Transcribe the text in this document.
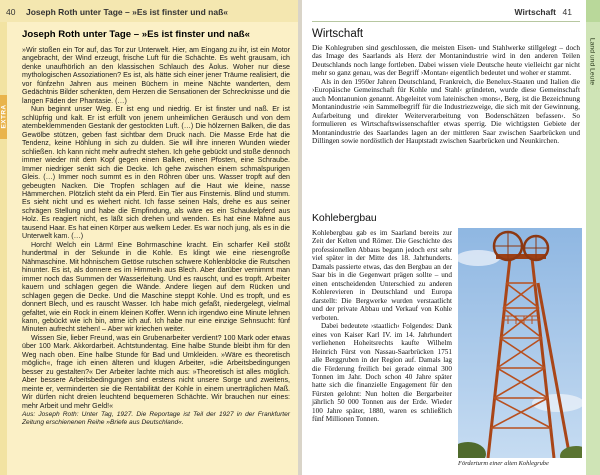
40 Joseph Roth unter Tage – »Es ist finster und naß«
EXTRA
Joseph Roth unter Tage – »Es ist finster und naß«

»Wir stoßen ein Tor auf, das Tor zur Unterwelt. Hier, am Eingang zu ihr, ist ein Motor angebracht, der Wind erzeugt, frische Luft für die Schächte. Es weht grausam, ich denke unaufhörlich an den klassischen Schlauch des Äolus. Woher nur diese mythologischen Assoziationen? Es ist, als hätte sich einer jener Träume realisiert, die vor fünfzehn Jahren aus meinen Büchern in meine Nächte wanderten, dem Gedächtnis Bilder schenkten, dem Herzen die Sensationen der Schrecknisse und die langen Fäden der Phantasie. (…)

Nun beginnt unser Weg. Er ist eng und niedrig. Er ist finster und naß. Er ist schlüpfrig und kalt. Er ist erfüllt von jenem unheimlichen Geräusch und von dem atembeklemmenden Gestank der gestockten Luft. (…) Die hölzernen Balken, die das Gewölbe stützen, geben fast sichtbar dem Druck nach. Die Masse Erde hat die Tendenz, keine Höhlung in sich zu dulden. Sie will ihre inneren Wunden wieder schließen. Ich kann nicht mehr aufrecht stehen. Ich gehe gebückt und stoße dennoch immer wieder mit dem Kopf gegen einen Balken, einen Pfosten, eine Schraube. Immer niedriger senkt sich die Decke. Ich gehe zwischen einem schmalspurigen Gleis. (…) Immer noch summt es in den Röhren über uns. Wasser tropft auf den gebeugten Nacken. Die Tropfen schlagen auf die Haut wie kleine, nasse Hämmerchen. Plötzlich steht da ein Pferd. Ein Tier aus Finsternis. Blind und stumm. Es sieht nicht und es wiehert nicht. Ich fasse seinen Hals, drehe es aus seiner schrägen Stellung und habe die Empfindung, als wäre es ein Schaukelpferd aus Holz. Es reagiert nicht, es läßt sich drehen und wenden. Es hat eine Mähne aus tausend Haar. Es hat einen Körper aus welkem Leder. Es war noch jung, als es in die Unterwelt kam. (…)

Horch! Welch ein Lärm! Eine Bohrmaschine kracht. Ein scharfer Keil stößt hundertmal in der Sekunde in die Kohle. Es klingt wie eine riesengroße Nähmaschine. Mit höhnischem Getöse rutschen schwere Kohlenblöcke die Rutschen hinunter. Es ist, als donnere es im Himmeln aus Blech. Aber darüber vernimmt man immer noch das Summen der Wasserleitung. Und es rauscht, und es tropft. Arbeiter kauern und schlagen gegen die Wände. Andere liegen auf dem Rücken und schlagen gegen die Decke. Und die Maschine steppt Kohle. Und es tropft, und es donnert Blech, und es rauscht Wasser. Ich habe mich gefaßt, niedergelegt, vielmal gefaltet, wie ein Rock in einem kleinen Koffer. Wenn ich irgendwo eine Minute lehnen kann, gebückt wie ich bin, atme ich auf. Ich habe nur eine einzige Sehnsucht: fünf Minuten aufrecht stehen! – Aber wir kriechen weiter.

Wissen Sie, lieber Freund, was ein Grubenarbeiter verdient? 100 Mark oder etwas über 100 Mark. Akkordarbeit. Achtstundentag. Eine halbe Stunde bleibt ihm für den Weg nach oben. Eine halbe Stunde für Bad und Umkleiden. »Wäre es theoretisch möglich«, frage ich einen älteren und klugen Arbeiter, »die Arbeitsbedingungen besser zu gestalten?« Der Arbeiter lachte mich aus: »Theoretisch ist alles möglich. Aber bessere Arbeitsbedingungen sind erstens nicht unsere Sorge und zweitens, meinte er, verminderten sie die Rentabilität der Kohle in einem unerträglichen Maß. Wir dürfen nicht dreien leuchtend bequemeren Schächte. Wir brauchen nur eines: mehr Arbeit und mehr Geld!«

Aus: Joseph Roth: Unter Tag, 1927. Die Reportage ist Teil der 1927 in der Frankfurter Zeitung erschienenen Reihe »Briefe aus Deutschland«.

Wirtschaft 41
Land und Leute
Wirtschaft

Die Kohlegruben sind geschlossen, die meisten Eisen- und Stahlwerke stillgelegt – doch das Image des Saarlands als Herz der Montanindustrie wird in den anderen Teilen Deutschlands noch lange fortleben. Dabei wissen viele Deutsche heute vielleicht gar nicht mehr so ganz genau, was der Begriff ›Montan‹ eigentlich bedeutet und woher er stammt.

Als in den 1950er Jahren Deutschland, Frankreich, die Benelux-Staaten und Italien die ›Europäische Gemeinschaft für Kohle und Stahl‹ gründeten, wurde diese Gemeinschaft auch Montanunion genannt. Abgeleitet vom lateinischen ›mons‹, Berg, ist die Bezeichnung Montanindustrie ›ein Sammelbegriff für die Industriezweige, die sich mit der Gewinnung, Aufarbeitung und direkter Weiterverarbeitung von Bodenschätzen befassen‹. So formulieren es Wirtschaftswissenschaftler etwas sperrig. Die wichtigsten Gebiete der Montanindustrie des Saarlandes lagen an der mittleren Saar zwischen Saarbrücken und Dillingen sowie nordöstlich der Hauptstadt zwischen Saarbrücken und Neunkirchen.

Kohlebergbau

Kohlebergbau gab es im Saarland bereits zur Zeit der Kelten und Römer. Die Geschichte des professionellen Abbaus begann jedoch erst sehr viel später in der Mitte des 18. Jahrhunderts. Damals passierte etwas, das den Bergbau an der Saar bis in die Gegenwart prägen sollte – und einen entscheidenden Unterschied zu anderen Kohlerevieren in Deutschland und Europa darstellt: Die Bergwerke wurden verstaatlicht und der private Abbau und Verkauf von Kohle verboten.

Dabei bedeutete ›staatlich‹ Folgendes: Dank eines von Kaiser Karl IV. im 14. Jahrhundert verliehenen Hoheitsrechts kaufte Wilhelm Heinrich Fürst von Nassau-Saarbrücken 1751 alle Berggruben in der Region auf. Damals lag die Förderung freilich bei gerade einmal 300 Tonnen im Jahr. Doch schon 40 Jahre später hatte sich die finanzielle Engagement für den Fürsten gelohnt: Nun holten die Bergarbeiter jährlich 50 000 Tonnen aus der Erde. Wieder 100 Jahre später, 1880, waren es schließlich fünf Millionen Tonnen.

Förderturm einer alten Kohlegrube
